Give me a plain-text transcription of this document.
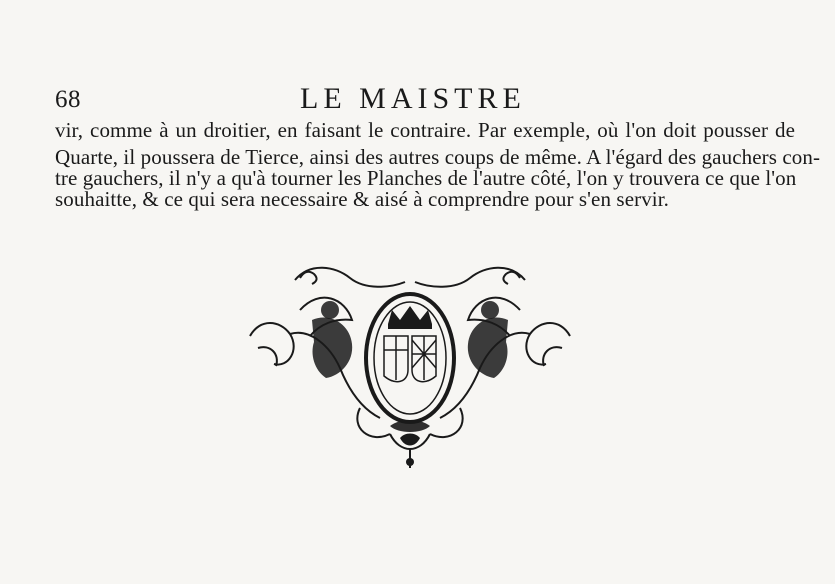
68	LE MAISTRE
vir, comme à un droitier, en faisant le contraire. Par exemple, où l'on doit pousser de
Quarte, il poussera de Tierce, ainsi des autres coups de même. A l'égard des gauchers con-
tre gauchers, il n'y a qu'à tourner les Planches de l'autre côté, l'on y trouvera ce que l'on
souhaitte, & ce qui sera necessaire & aisé à comprendre pour s'en servir.
